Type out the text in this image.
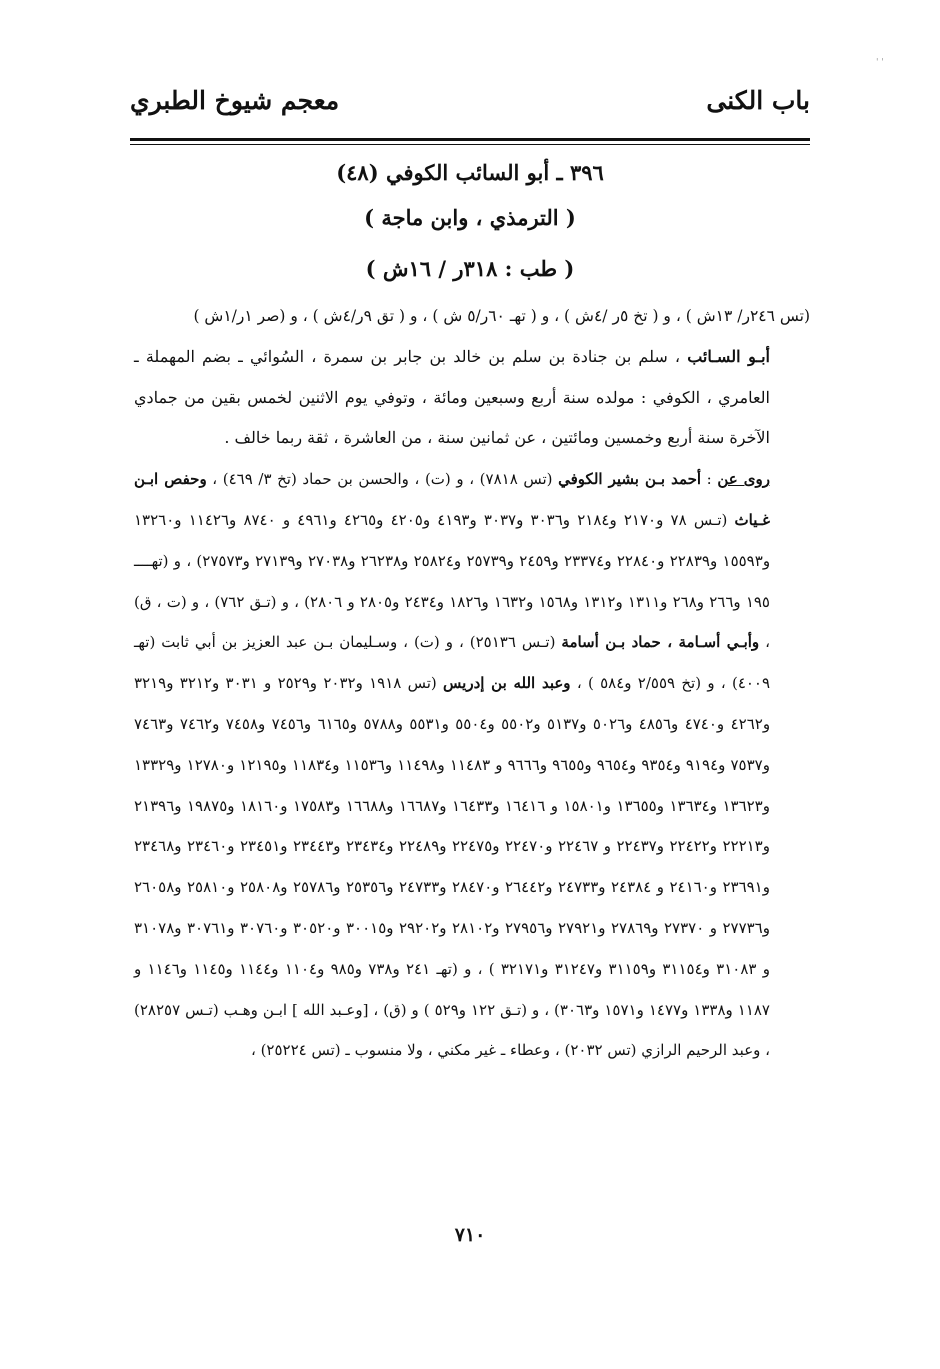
' '
باب الكنى
معجم شيوخ الطبري
٣٩٦ ـ أبو السائب الكوفي (٤٨)
( الترمذي ، وابن ماجة )
( طب : ٣١٨ر / ١٦ش )

(تس ٢٤٦ر/ ١٣ش ) ، و ( تخ ٥ر /٤ش ) ، و ( تهـ ٦٠ر/٥ ش ) ، و ( تق ٩ر/٤ش ) ، و (صر ١ر/١ش )

أبـو السـائب ، سلم بن جنادة بن سلم بن خالد بن جابر بن سمرة ، السُوائي ـ بضم المهملة ـ العامري ، الكوفي : مولده سنة أربع وسبعين ومائة ، وتوفي يوم الاثنين لخمس بقين من جمادي الآخرة سنة أربع وخمسين ومائتين ، عن ثمانين سنة ، من العاشرة ، ثقة ربما خالف .

روى عن : أحمد بـن بشير الكوفي (تس ٧٨١٨) ، و (ت) ، والحسن بن حماد (تخ ٣/ ٤٦٩) ، وحفص ابـن غـياث (تـس ٧٨ و٢١٧٠ و٢١٨٤ و٣٠٣٦ و٣٠٣٧ و٤١٩٣ و٤٢٠٥ و٤٢٦٥ و٤٩٦١ و ٨٧٤٠ و١١٤٢٦ و١٣٢٦٠ و١٥٥٩٣ و٢٢٨٣٩ و٢٢٨٤٠ و٢٣٣٧٤ و٢٤٥٩ و٢٥٧٣٩ و٢٥٨٢٤ و٢٦٢٣٨ و٢٧٠٣٨ و٢٧١٣٩ و٢٧٥٧٣) ، و (تهــــ ١٩٥ و٢٦٦ و٢٦٨ و١٣١١ و١٣١٢ و١٥٦٨ و١٦٣٢ و١٨٢٦ و٢٤٣٤ و٢٨٠٥ و ٢٨٠٦) ، و (تـق ٧٦٢) ، و (ت ، ق) ، وأبـي أسـامة ، حماد بـن أسامة (تـس ٢٥١٣٦) ، و (ت) ، وسـليمان بـن عبد العزيز بن أبي ثابت (تهـ ٤٠٠٩) ، و (تخ ٢/٥٥٩ و٥٨٤ ) ، وعبد الله بن إدريس (تس ١٩١٨ و٢٠٣٢ و٢٥٢٩ و ٣٠٣١ و٣٢١٢ و٣٢١٩ و٤٢٦٢ و٤٧٤٠ و٤٨٥٦ و٥٠٢٦ و٥١٣٧ و٥٥٠٢ و٥٥٠٤ و٥٥٣١ و٥٧٨٨ و٦١٦٥ و٧٤٥٦ و٧٤٥٨ و٧٤٦٢ و٧٤٦٣ و٧٥٣٧ و٩١٩٤ و٩٣٥٤ و٩٦٥٤ و٩٦٥٥ و٩٦٦٦ و ١١٤٨٣ و١١٤٩٨ و١١٥٣٦ و١١٨٣٤ و١٢١٩٥ و١٢٧٨٠ و١٣٣٢٩ و١٣٦٢٣ و١٣٦٣٤ و١٣٦٥٥ و١٥٨٠١ و ١٦٤١٦ و١٦٤٣٣ و١٦٦٨٧ و١٦٦٨٨ و١٧٥٨٣ و١٨١٦٠ و١٩٨٧٥ و٢١٣٩٦ و٢٢٢١٣ و٢٢٤٢٢ و٢٢٤٣٧ و ٢٢٤٦٧ و٢٢٤٧٠ و٢٢٤٧٥ و٢٢٤٨٩ و٢٣٤٣٤ و٢٣٤٤٣ و٢٣٤٥١ و٢٣٤٦٠ و٢٣٤٦٨ و٢٣٦٩١ و٢٤١٦٠ و ٢٤٣٨٤ و٢٤٧٣٣ و٢٦٤٤٢ و٢٨٤٧٠ و٢٤٧٣٣ و٢٥٣٥٦ و٢٥٧٨٦ و٢٥٨٠٨ و٢٥٨١٠ و٢٦٠٥٨ و٢٧٧٣٦ و ٢٧٣٧٠ و٢٧٨٦٩ و٢٧٩٢١ و٢٧٩٥٦ و٢٨١٠٢ و٢٩٢٠٢ و٣٠٠١٥ و٣٠٥٢٠ و٣٠٧٦٠ و٣٠٧٦١ و٣١٠٧٨ و ٣١٠٨٣ و٣١١٥٤ و٣١١٥٩ و٣١٢٤٧ و٣٢١٧١ ) ، و (تهـ ٢٤١ و٧٣٨ و٩٨٥ و١١٠٤ و١١٤٤ و١١٤٥ و١١٤٦ و ١١٨٧ و١٣٣٨ و١٤٧٧ و١٥٧١ و٣٠٦٣) ، و (تـق ١٢٢ و٥٢٩ ) و (ق) ، [وعـبد الله ] ابـن وهـب (تـس ٢٨٢٥٧) ، وعبد الرحيم الرازي (تس ٢٠٣٢) ، وعطاء ـ غير مكني ، ولا منسوب ـ (تس ٢٥٢٢٤) ،

٧١٠
